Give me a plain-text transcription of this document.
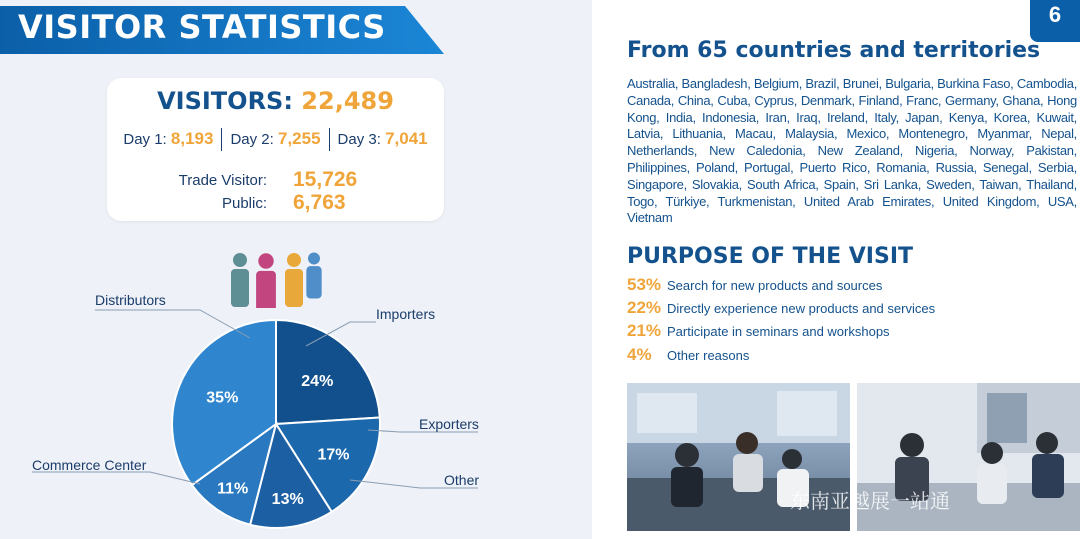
VISITOR STATISTICS
VISITORS: 22,489
Day 1: 8,193 Day 2: 7,255 Day 3: 7,041
Trade Visitor: 15,726
Public: 6,763
24%
17%
13%
11%
35%
Distributors
Importers
Exporters
Other
Commerce Center
6
From 65 countries and territories
Australia, Bangladesh, Belgium, Brazil, Brunei, Bulgaria, Burkina Faso, Cambodia, Canada, China, Cuba, Cyprus, Denmark, Finland, Franc, Germany, Ghana, Hong Kong, India, Indonesia, Iran, Iraq, Ireland, Italy, Japan, Kenya, Korea, Kuwait, Latvia, Lithuania, Macau, Malaysia, Mexico, Montenegro, Myanmar, Nepal, Netherlands, New Caledonia, New Zealand, Nigeria, Norway, Pakistan, Philippines, Poland, Portugal, Puerto Rico, Romania, Russia, Senegal, Serbia, Singapore, Slovakia, South Africa, Spain, Sri Lanka, Sweden, Taiwan, Thailand, Togo, Türkiye, Turkmenistan, United Arab Emirates, United Kingdom, USA, Vietnam
PURPOSE OF THE VISIT
53% Search for new products and sources
22% Directly experience new products and services
21% Participate in seminars and workshops
4% Other reasons
东南亚越展一站通
